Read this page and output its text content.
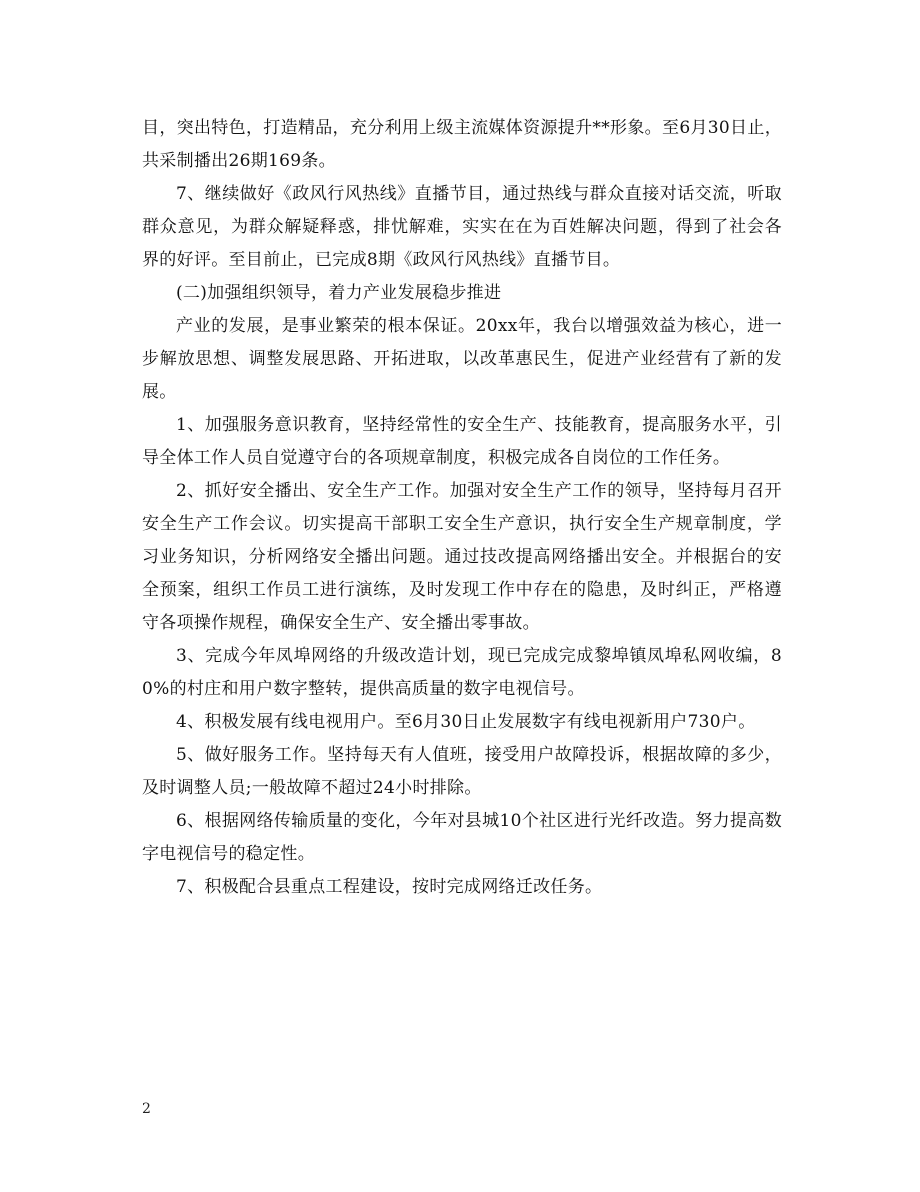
目，突出特色，打造精品，充分利用上级主流媒体资源提升**形象。至6月30日止，共采制播出26期169条。

7、继续做好《政风行风热线》直播节目，通过热线与群众直接对话交流，听取群众意见，为群众解疑释惑，排忧解难，实实在在为百姓解决问题，得到了社会各界的好评。至目前止，已完成8期《政风行风热线》直播节目。

(二)加强组织领导，着力产业发展稳步推进

产业的发展，是事业繁荣的根本保证。20xx年，我台以增强效益为核心，进一步解放思想、调整发展思路、开拓进取，以改革惠民生，促进产业经营有了新的发展。

1、加强服务意识教育，坚持经常性的安全生产、技能教育，提高服务水平，引导全体工作人员自觉遵守台的各项规章制度，积极完成各自岗位的工作任务。

2、抓好安全播出、安全生产工作。加强对安全生产工作的领导，坚持每月召开安全生产工作会议。切实提高干部职工安全生产意识，执行安全生产规章制度，学习业务知识，分析网络安全播出问题。通过技改提高网络播出安全。并根据台的安全预案，组织工作员工进行演练，及时发现工作中存在的隐患，及时纠正，严格遵守各项操作规程，确保安全生产、安全播出零事故。

3、完成今年凤埠网络的升级改造计划，现已完成完成黎埠镇凤埠私网收编，80%的村庄和用户数字整转，提供高质量的数字电视信号。

4、积极发展有线电视用户。至6月30日止发展数字有线电视新用户730户。

5、做好服务工作。坚持每天有人值班，接受用户故障投诉，根据故障的多少，及时调整人员;一般故障不超过24小时排除。

6、根据网络传输质量的变化，今年对县城10个社区进行光纤改造。努力提高数字电视信号的稳定性。

7、积极配合县重点工程建设，按时完成网络迁改任务。

2
